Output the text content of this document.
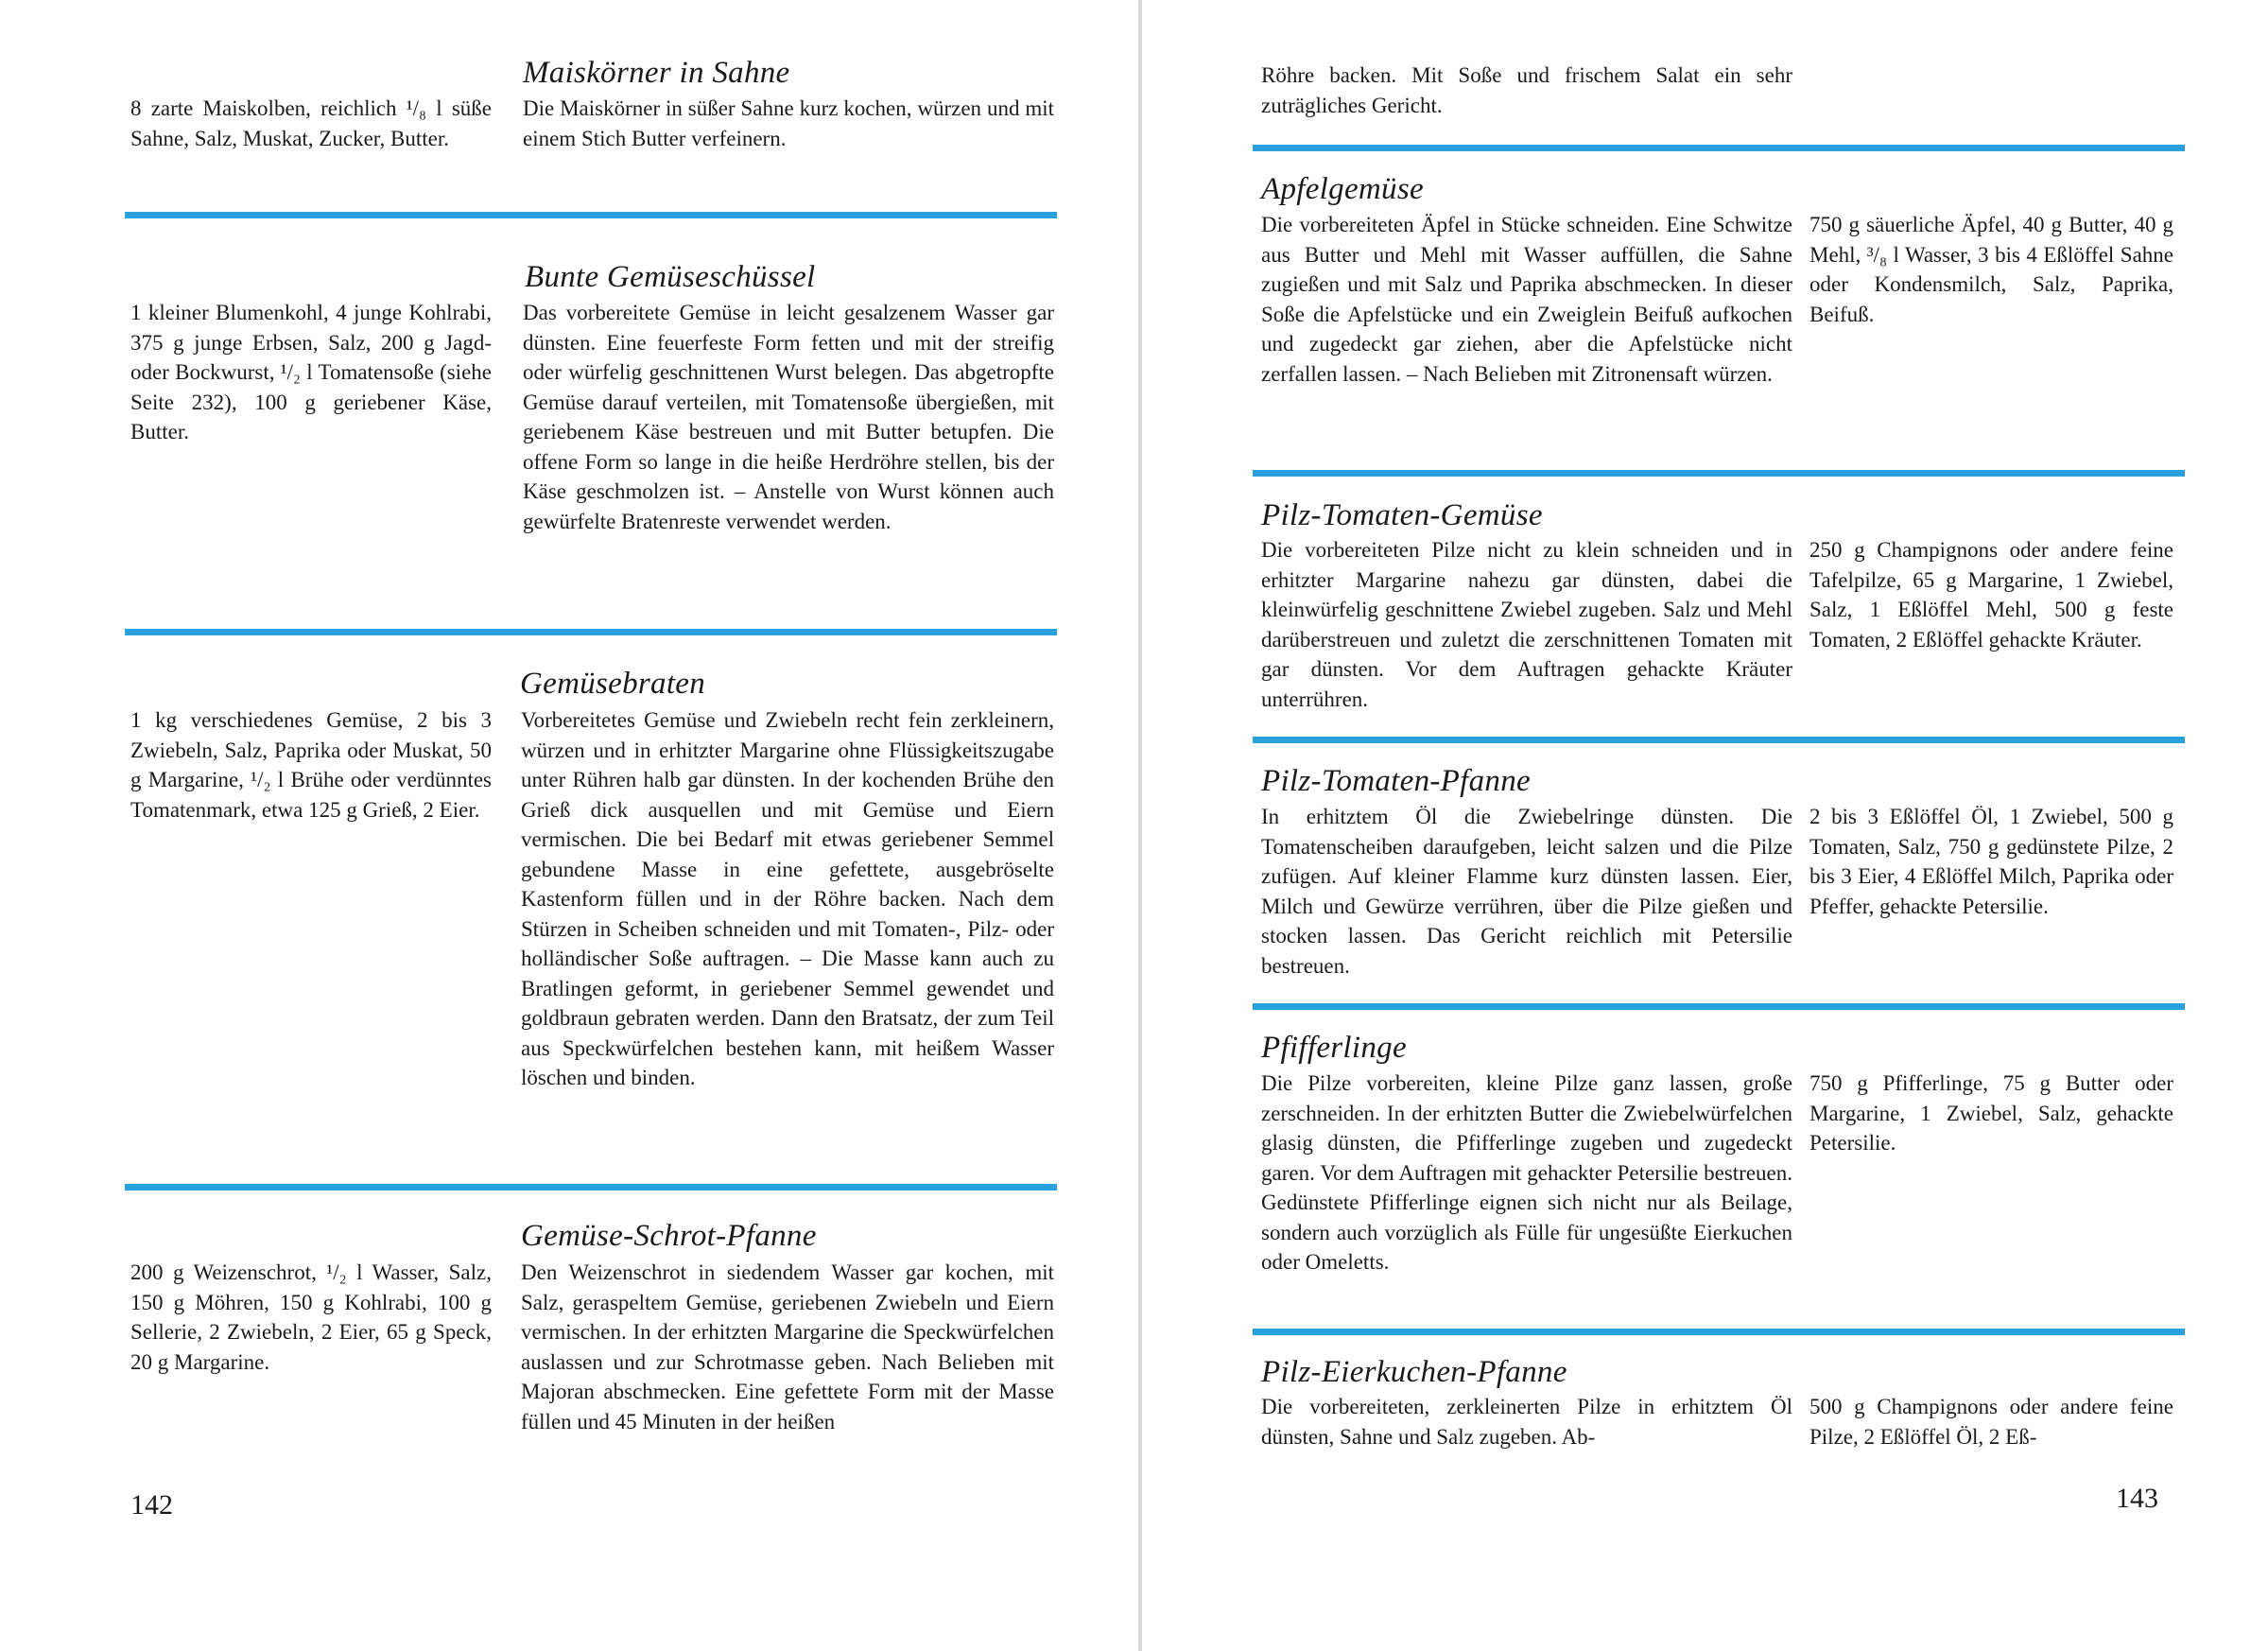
Maiskörner in Sahne

8 zarte Maiskolben, reichlich ¹/₈ l süße Sahne, Salz, Muskat, Zucker, Butter.

Die Maiskörner in süßer Sahne kurz kochen, würzen und mit einem Stich Butter verfeinern.

Bunte Gemüseschüssel

1 kleiner Blumenkohl, 4 junge Kohlrabi, 375 g junge Erbsen, Salz, 200 g Jagd- oder Bockwurst, ¹/₂ l Tomatensoße (siehe Seite 232), 100 g geriebener Käse, Butter.

Das vorbereitete Gemüse in leicht gesalzenem Wasser gar dünsten. Eine feuerfeste Form fetten und mit der streifig oder würfelig geschnittenen Wurst belegen. Das abgetropfte Gemüse darauf verteilen, mit Tomatensoße übergießen, mit geriebenem Käse bestreuen und mit Butter betupfen. Die offene Form so lange in die heiße Herdröhre stellen, bis der Käse geschmolzen ist. – Anstelle von Wurst können auch gewürfelte Bratenreste verwendet werden.

Gemüsebraten

1 kg verschiedenes Gemüse, 2 bis 3 Zwiebeln, Salz, Paprika oder Muskat, 50 g Margarine, ¹/₂ l Brühe oder verdünntes Tomatenmark, etwa 125 g Grieß, 2 Eier.

Vorbereitetes Gemüse und Zwiebeln recht fein zerkleinern, würzen und in erhitzter Margarine ohne Flüssigkeitszugabe unter Rühren halb gar dünsten. In der kochenden Brühe den Grieß dick ausquellen und mit Gemüse und Eiern vermischen. Die bei Bedarf mit etwas geriebener Semmel gebundene Masse in eine gefettete, ausgebröselte Kastenform füllen und in der Röhre backen. Nach dem Stürzen in Scheiben schneiden und mit Tomaten-, Pilz- oder holländischer Soße auftragen. – Die Masse kann auch zu Bratlingen geformt, in geriebener Semmel gewendet und goldbraun gebraten werden. Dann den Bratsatz, der zum Teil aus Speckwürfelchen bestehen kann, mit heißem Wasser löschen und binden.

Gemüse-Schrot-Pfanne

200 g Weizenschrot, ¹/₂ l Wasser, Salz, 150 g Möhren, 150 g Kohlrabi, 100 g Sellerie, 2 Zwiebeln, 2 Eier, 65 g Speck, 20 g Margarine.

Den Weizenschrot in siedendem Wasser gar kochen, mit Salz, geraspeltem Gemüse, geriebenen Zwiebeln und Eiern vermischen. In der erhitzten Margarine die Speckwürfelchen auslassen und zur Schrotmasse geben. Nach Belieben mit Majoran abschmecken. Eine gefettete Form mit der Masse füllen und 45 Minuten in der heißen

142

Röhre backen. Mit Soße und frischem Salat ein sehr zuträgliches Gericht.

Apfelgemüse

Die vorbereiteten Äpfel in Stücke schneiden. Eine Schwitze aus Butter und Mehl mit Wasser auffüllen, die Sahne zugießen und mit Salz und Paprika abschmecken. In dieser Soße die Apfelstücke und ein Zweiglein Beifuß aufkochen und zugedeckt gar ziehen, aber die Apfelstücke nicht zerfallen lassen. – Nach Belieben mit Zitronensaft würzen.

750 g säuerliche Äpfel, 40 g Butter, 40 g Mehl, ³/₈ l Wasser, 3 bis 4 Eßlöffel Sahne oder Kondensmilch, Salz, Paprika, Beifuß.

Pilz-Tomaten-Gemüse

Die vorbereiteten Pilze nicht zu klein schneiden und in erhitzter Margarine nahezu gar dünsten, dabei die kleinwürfelig geschnittene Zwiebel zugeben. Salz und Mehl darüberstreuen und zuletzt die zerschnittenen Tomaten mit gar dünsten. Vor dem Auftragen gehackte Kräuter unterrühren.

250 g Champignons oder andere feine Tafelpilze, 65 g Margarine, 1 Zwiebel, Salz, 1 Eßlöffel Mehl, 500 g feste Tomaten, 2 Eßlöffel gehackte Kräuter.

Pilz-Tomaten-Pfanne

In erhitztem Öl die Zwiebelringe dünsten. Die Tomatenscheiben daraufgeben, leicht salzen und die Pilze zufügen. Auf kleiner Flamme kurz dünsten lassen. Eier, Milch und Gewürze verrühren, über die Pilze gießen und stocken lassen. Das Gericht reichlich mit Petersilie bestreuen.

2 bis 3 Eßlöffel Öl, 1 Zwiebel, 500 g Tomaten, Salz, 750 g gedünstete Pilze, 2 bis 3 Eier, 4 Eßlöffel Milch, Paprika oder Pfeffer, gehackte Petersilie.

Pfifferlinge

Die Pilze vorbereiten, kleine Pilze ganz lassen, große zerschneiden. In der erhitzten Butter die Zwiebelwürfelchen glasig dünsten, die Pfifferlinge zugeben und zugedeckt garen. Vor dem Auftragen mit gehackter Petersilie bestreuen. Gedünstete Pfifferlinge eignen sich nicht nur als Beilage, sondern auch vorzüglich als Fülle für ungesüßte Eierkuchen oder Omeletts.

750 g Pfifferlinge, 75 g Butter oder Margarine, 1 Zwiebel, Salz, gehackte Petersilie.

Pilz-Eierkuchen-Pfanne

Die vorbereiteten, zerkleinerten Pilze in erhitztem Öl dünsten, Sahne und Salz zugeben. Ab-

500 g Champignons oder andere feine Pilze, 2 Eßlöffel Öl, 2 Eß-

143
